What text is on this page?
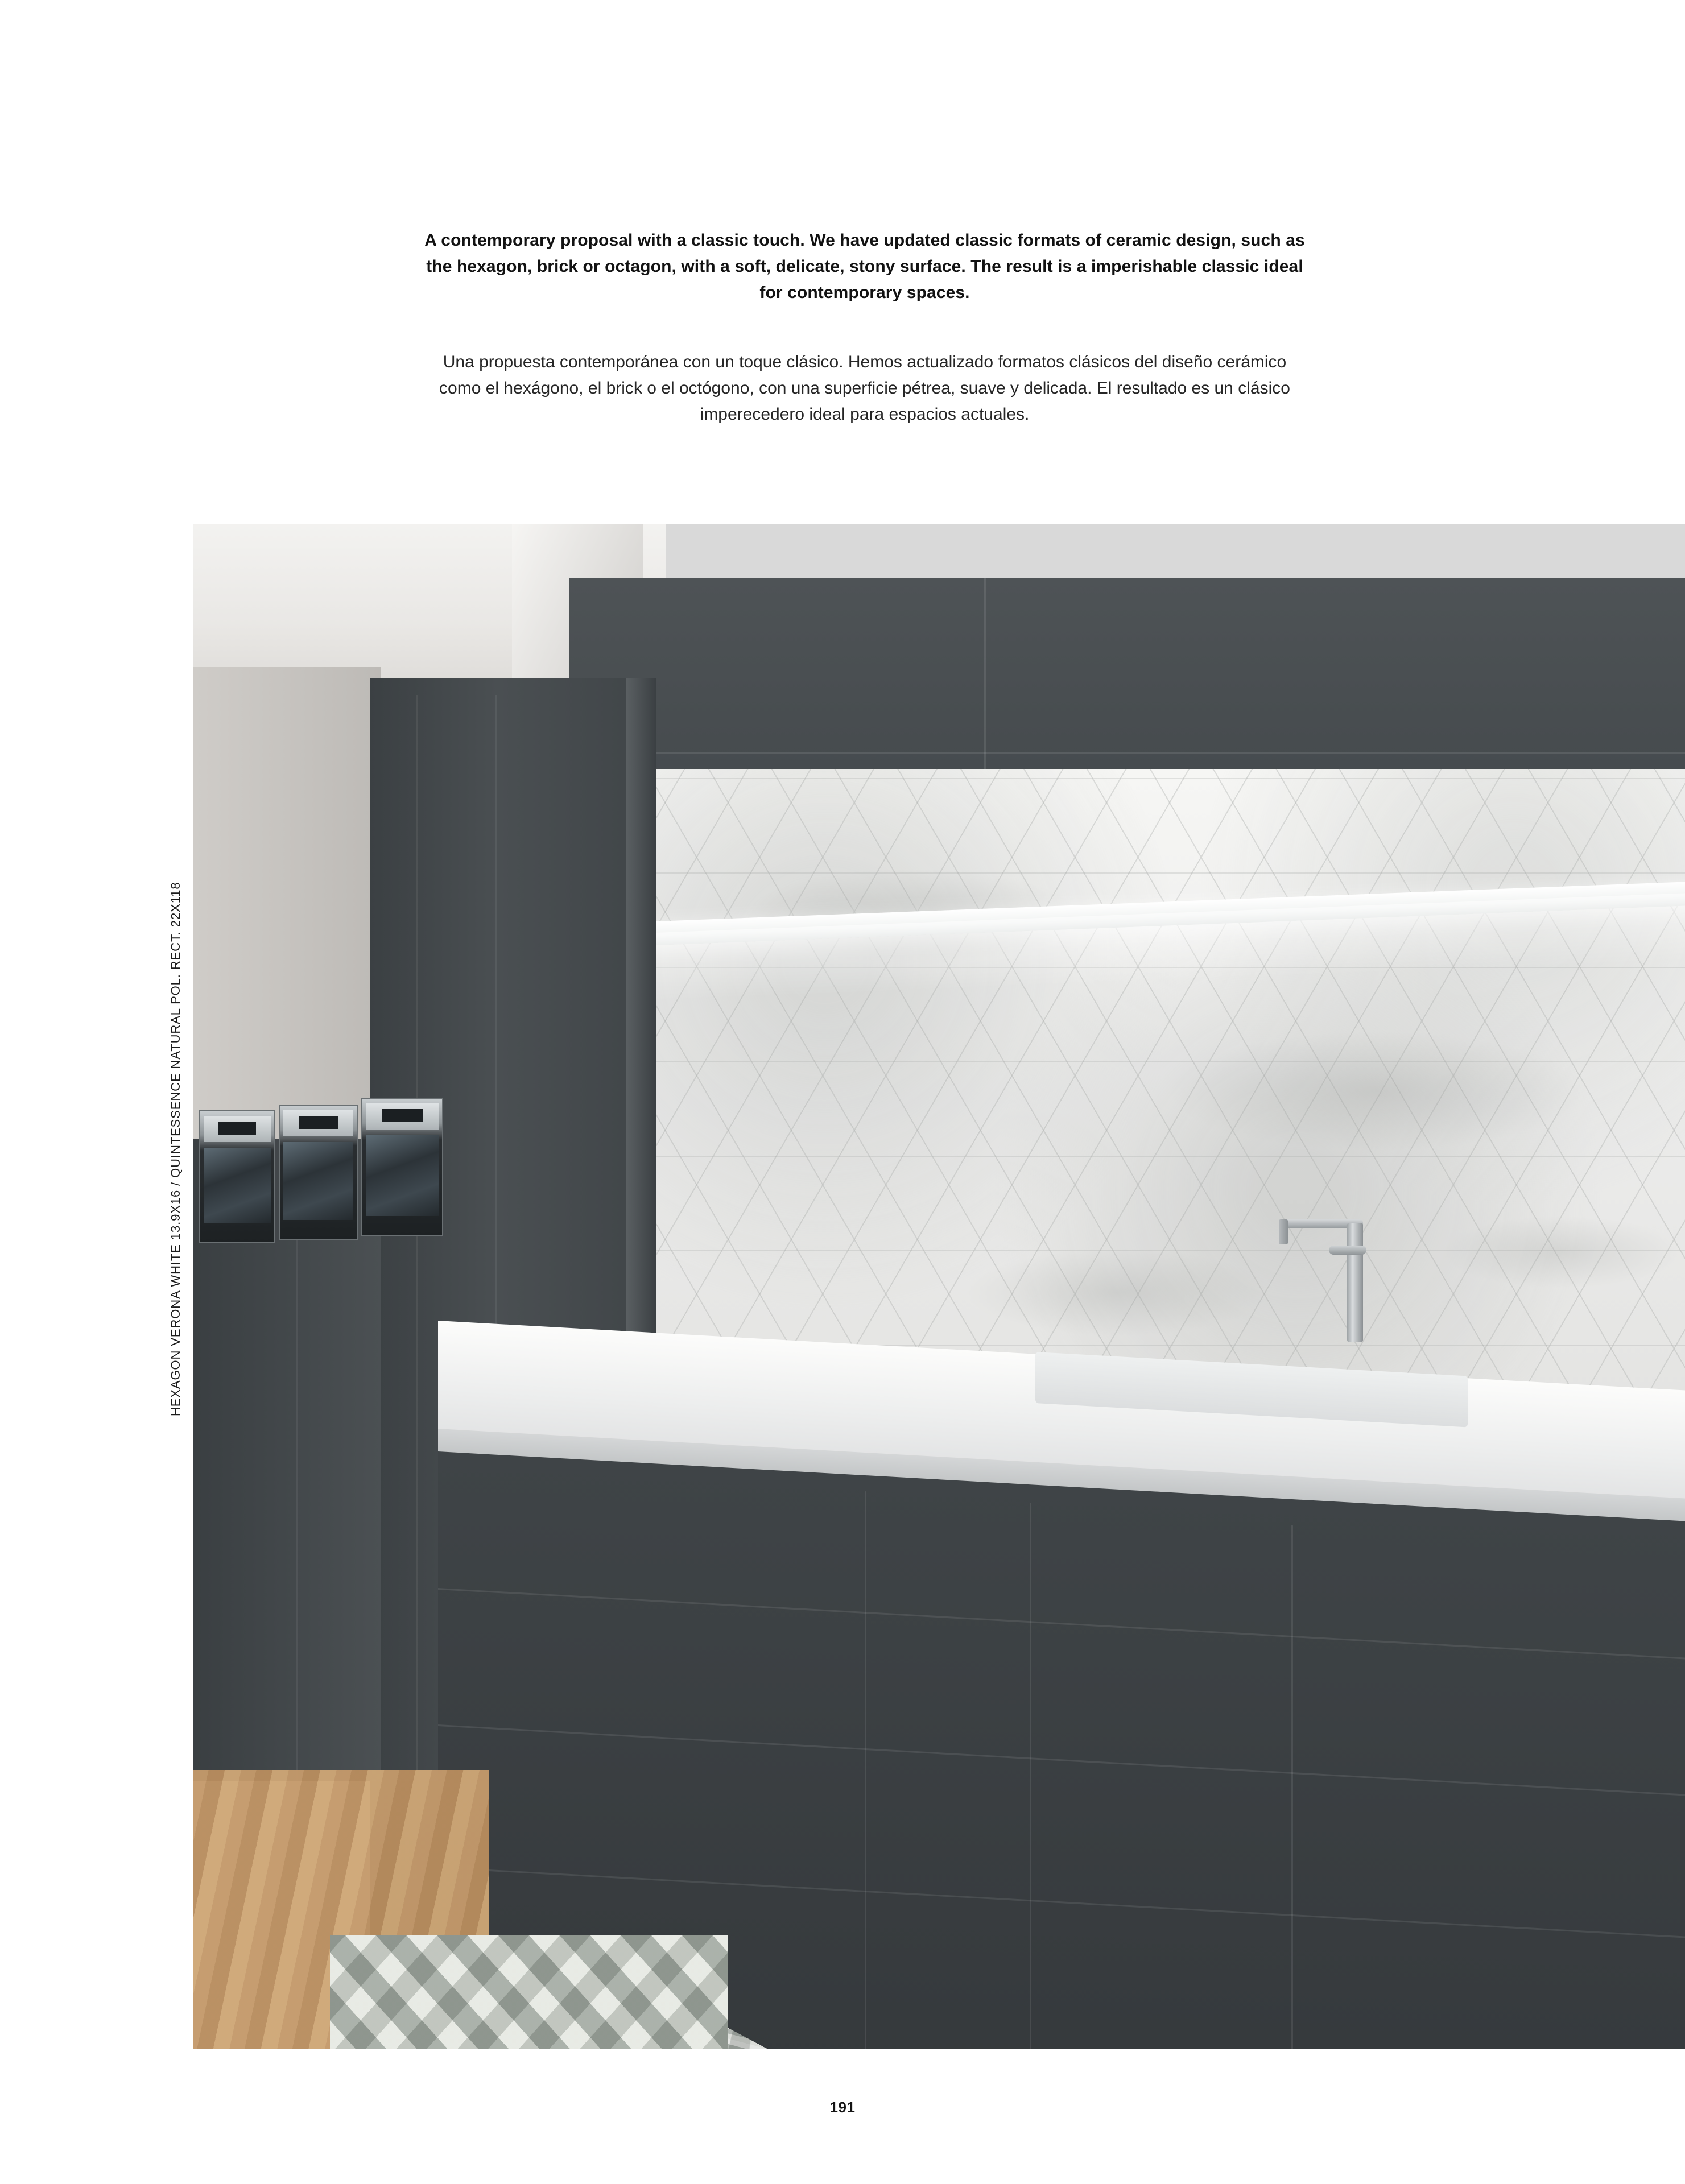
A contemporary proposal with a classic touch. We have updated classic formats of ceramic design, such as the hexagon, brick or octagon, with a soft, delicate, stony surface. The result is a imperishable classic ideal for contemporary spaces.

Una propuesta contemporánea con un toque clásico. Hemos actualizado formatos clásicos del diseño cerámico como el hexágono, el brick o el octógono, con una superficie pétrea, suave y delicada. El resultado es un clásico imperecedero ideal para espacios actuales.

HEXAGON VERONA WHITE 13.9X16 / QUINTESSENCE NATURAL POL. RECT. 22X118
191
